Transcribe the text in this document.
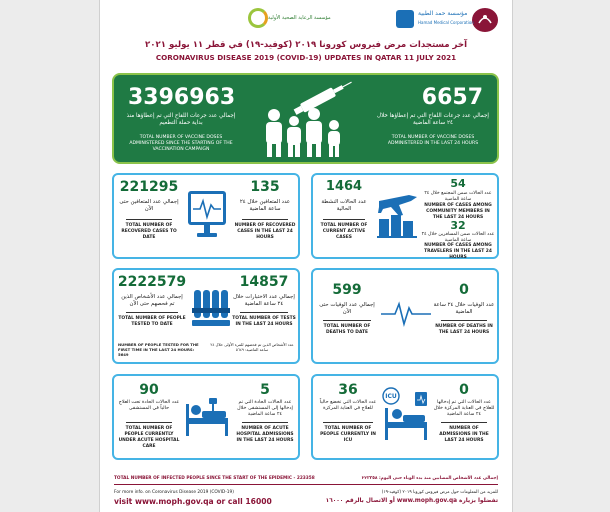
مؤسسة حمد الطبية
Hamad Medical Corporation
مؤسسة الرعاية الصحية الأولية
آخر مستجدات مرض فيروس كورونا ٢٠١٩ (كوفيد-١٩) في قطر ١١ يوليو ٢٠٢١
CORONAVIRUS DISEASE 2019 (COVID-19) UPDATES IN QATAR 11 JULY 2021
3396963
إجمالي عدد جرعات اللقاح التي تم إعطاؤها منذ بداية حملة التطعيم
TOTAL NUMBER OF VACCINE DOSES ADMINISTERED SINCE THE STARTING OF THE VACCINATION CAMPAIGN
6657
إجمالي عدد جرعات اللقاح التي تم إعطاؤها خلال ٢٤ ساعة الماضية
TOTAL NUMBER OF VACCINE DOSES ADMINISTERED IN THE LAST 24 HOURS
221295
إجمالي عدد المتعافين حتى الآن
TOTAL NUMBER OF RECOVERED CASES TO DATE
135
عدد المتعافين خلال ٢٤ ساعة الماضية
NUMBER OF RECOVERED CASES IN THE LAST 24 HOURS
1464
عدد الحالات النشطة الحالية
TOTAL NUMBER OF CURRENT ACTIVE CASES
54
عدد الحالات ضمن المجتمع خلال ٢٤ ساعة الماضية
NUMBER OF CASES AMONG COMMUNITY MEMBERS IN THE LAST 24 HOURS
32
عدد الحالات ضمن المسافرين خلال ٢٤ ساعة الماضية
NUMBER OF CASES AMONG TRAVELERS IN THE LAST 24 HOURS
2222579
إجمالي عدد الأشخاص الذين تم فحصهم حتى الآن
TOTAL NUMBER OF PEOPLE TESTED TO DATE
14857
إجمالي عدد الاختبارات خلال ٢٤ ساعة الماضية
TOTAL NUMBER OF TESTS IN THE LAST 24 HOURS
NUMBER OF PEOPLE TESTED FOR THE FIRST TIME IN THE LAST 24 HOURS: 5649
عدد الأشخاص الذين تم فحصهم للمرة الأولى خلال ٢٤ ساعة الماضية: ٥٦٤٩
599
إجمالي عدد الوفيات حتى الآن
TOTAL NUMBER OF DEATHS TO DATE
0
عدد الوفيات خلال ٢٤ ساعة الماضية
NUMBER OF DEATHS IN THE LAST 24 HOURS
90
عدد الحالات الحادة تحت العلاج حالياً في المستشفى
TOTAL NUMBER OF PEOPLE CURRENTLY UNDER ACUTE HOSPITAL CARE
5
عدد الحالات الحادة التي تم إدخالها إلى المستشفى خلال ٢٤ ساعة الماضية
NUMBER OF ACUTE HOSPITAL ADMISSIONS IN THE LAST 24 HOURS
36
عدد الحالات التي تخضع حالياً للعلاج في العناية المركزة
TOTAL NUMBER OF PEOPLE CURRENTLY IN ICU
ICU	0
عدد الحالات التي تم إدخالها للعلاج في العناية المركزة خلال ٢٤ ساعة الماضية
NUMBER OF ADMISSIONS IN THE LAST 24 HOURS
TOTAL NUMBER OF INFECTED PEOPLE SINCE THE START OF THE EPIDEMIC - 223358	إجمالي عدد الأشخاص المصابين منذ بدء الوباء حتى اليوم: ٢٢٣٣٥٨
For more info. on Coronavirus Disease 2019 (COVID-19)	للمزيد من المعلومات حول مرض فيروس كورونا ٢٠١٩ (كوفيد-١٩)
visit www.moph.gov.qa or call 16000	تفضلوا بزيارة www.moph.gov.qa أو الاتصال بالرقم ١٦٠٠٠
